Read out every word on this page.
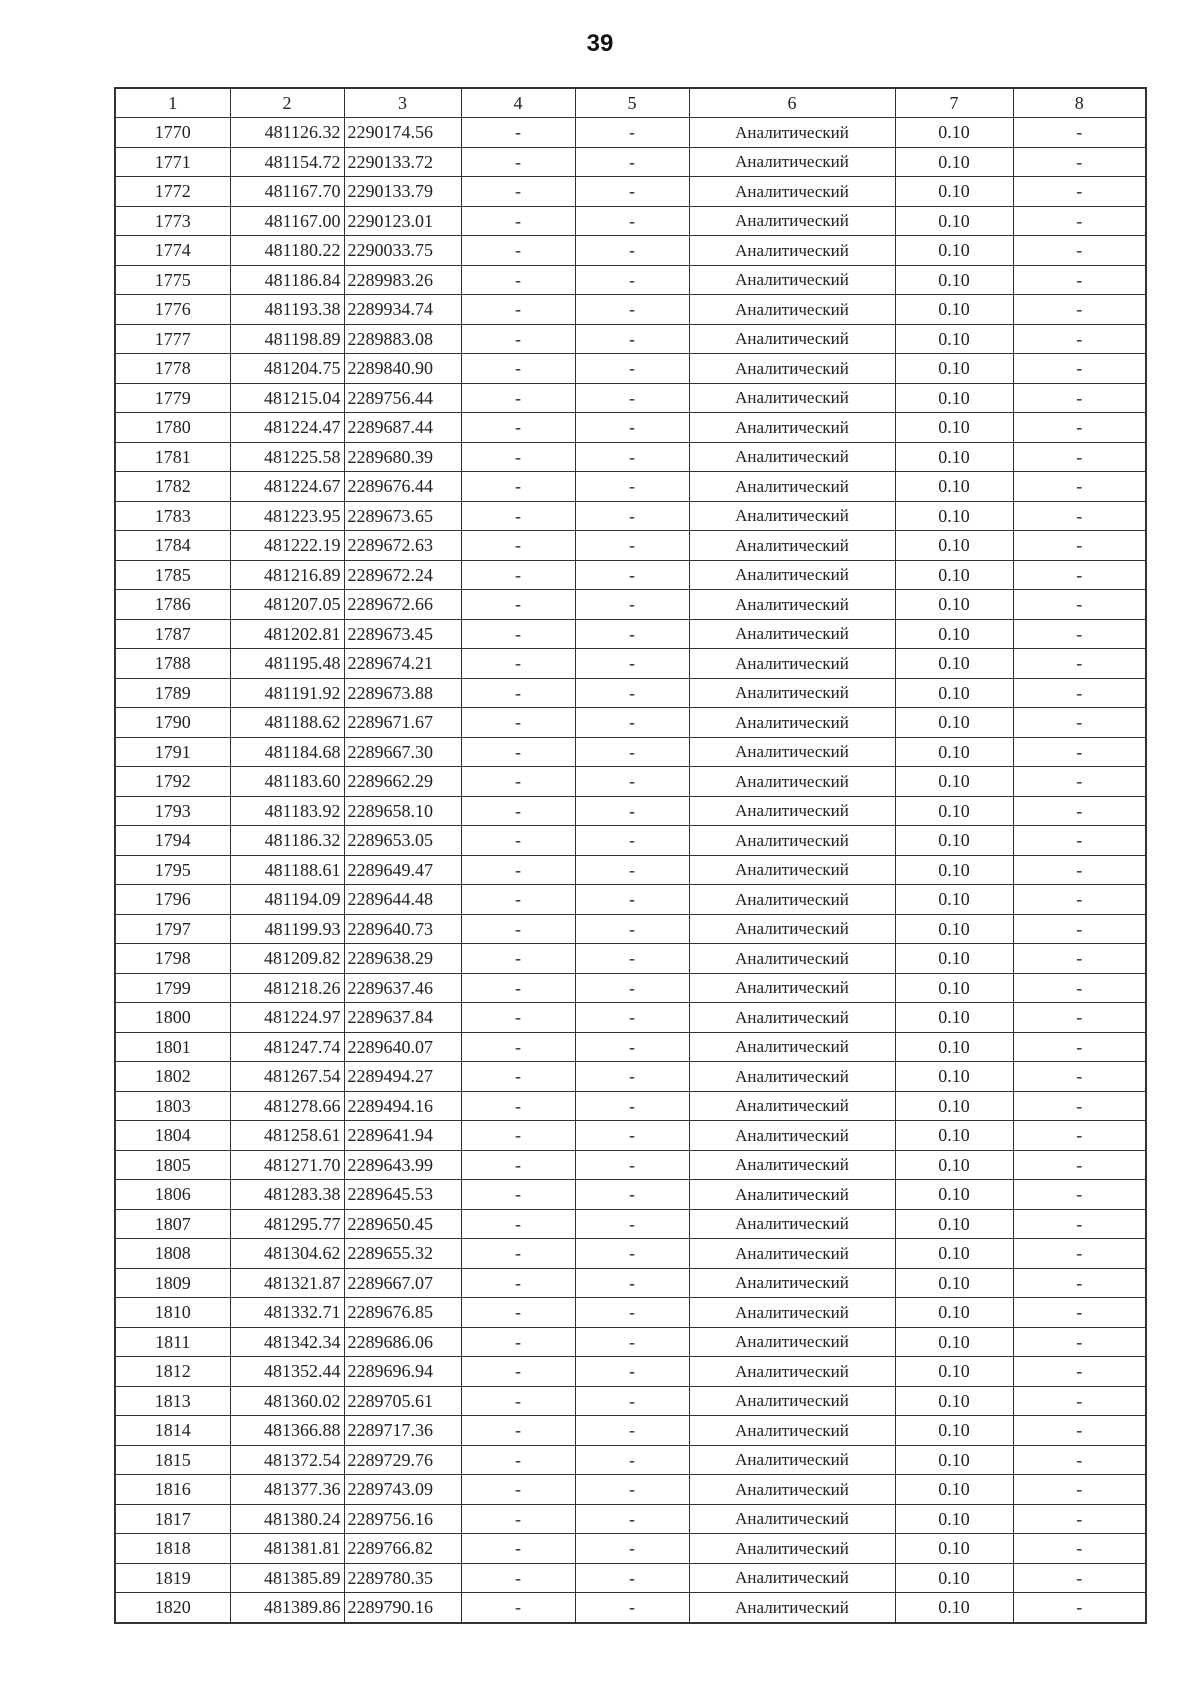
39
1	2	3	4	5	6	7	8
1770	481126.32	2290174.56	-	-	Аналитический	0.10	-
1771	481154.72	2290133.72	-	-	Аналитический	0.10	-
1772	481167.70	2290133.79	-	-	Аналитический	0.10	-
1773	481167.00	2290123.01	-	-	Аналитический	0.10	-
1774	481180.22	2290033.75	-	-	Аналитический	0.10	-
1775	481186.84	2289983.26	-	-	Аналитический	0.10	-
1776	481193.38	2289934.74	-	-	Аналитический	0.10	-
1777	481198.89	2289883.08	-	-	Аналитический	0.10	-
1778	481204.75	2289840.90	-	-	Аналитический	0.10	-
1779	481215.04	2289756.44	-	-	Аналитический	0.10	-
1780	481224.47	2289687.44	-	-	Аналитический	0.10	-
1781	481225.58	2289680.39	-	-	Аналитический	0.10	-
1782	481224.67	2289676.44	-	-	Аналитический	0.10	-
1783	481223.95	2289673.65	-	-	Аналитический	0.10	-
1784	481222.19	2289672.63	-	-	Аналитический	0.10	-
1785	481216.89	2289672.24	-	-	Аналитический	0.10	-
1786	481207.05	2289672.66	-	-	Аналитический	0.10	-
1787	481202.81	2289673.45	-	-	Аналитический	0.10	-
1788	481195.48	2289674.21	-	-	Аналитический	0.10	-
1789	481191.92	2289673.88	-	-	Аналитический	0.10	-
1790	481188.62	2289671.67	-	-	Аналитический	0.10	-
1791	481184.68	2289667.30	-	-	Аналитический	0.10	-
1792	481183.60	2289662.29	-	-	Аналитический	0.10	-
1793	481183.92	2289658.10	-	-	Аналитический	0.10	-
1794	481186.32	2289653.05	-	-	Аналитический	0.10	-
1795	481188.61	2289649.47	-	-	Аналитический	0.10	-
1796	481194.09	2289644.48	-	-	Аналитический	0.10	-
1797	481199.93	2289640.73	-	-	Аналитический	0.10	-
1798	481209.82	2289638.29	-	-	Аналитический	0.10	-
1799	481218.26	2289637.46	-	-	Аналитический	0.10	-
1800	481224.97	2289637.84	-	-	Аналитический	0.10	-
1801	481247.74	2289640.07	-	-	Аналитический	0.10	-
1802	481267.54	2289494.27	-	-	Аналитический	0.10	-
1803	481278.66	2289494.16	-	-	Аналитический	0.10	-
1804	481258.61	2289641.94	-	-	Аналитический	0.10	-
1805	481271.70	2289643.99	-	-	Аналитический	0.10	-
1806	481283.38	2289645.53	-	-	Аналитический	0.10	-
1807	481295.77	2289650.45	-	-	Аналитический	0.10	-
1808	481304.62	2289655.32	-	-	Аналитический	0.10	-
1809	481321.87	2289667.07	-	-	Аналитический	0.10	-
1810	481332.71	2289676.85	-	-	Аналитический	0.10	-
1811	481342.34	2289686.06	-	-	Аналитический	0.10	-
1812	481352.44	2289696.94	-	-	Аналитический	0.10	-
1813	481360.02	2289705.61	-	-	Аналитический	0.10	-
1814	481366.88	2289717.36	-	-	Аналитический	0.10	-
1815	481372.54	2289729.76	-	-	Аналитический	0.10	-
1816	481377.36	2289743.09	-	-	Аналитический	0.10	-
1817	481380.24	2289756.16	-	-	Аналитический	0.10	-
1818	481381.81	2289766.82	-	-	Аналитический	0.10	-
1819	481385.89	2289780.35	-	-	Аналитический	0.10	-
1820	481389.86	2289790.16	-	-	Аналитический	0.10	-
